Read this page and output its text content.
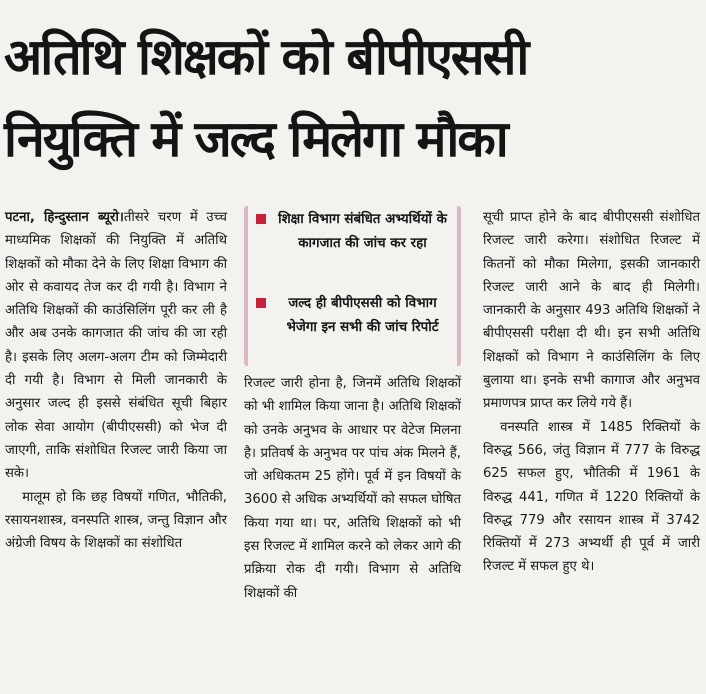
अतिथि शिक्षकों को बीपीएससी
नियुक्ति में जल्द मिलेगा मौका

पटना, हिन्दुस्तान ब्यूरो।तीसरे चरण में उच्च माध्यमिक शिक्षकों की नियुक्ति में अतिथि शिक्षकों को मौका देने के लिए शिक्षा विभाग की ओर से कवायद तेज कर दी गयी है। विभाग ने अतिथि शिक्षकों की काउंसिलिंग पूरी कर ली है और अब उनके कागजात की जांच की जा रही है। इसके लिए अलग-अलग टीम को जिम्मेदारी दी गयी है। विभाग से मिली जानकारी के अनुसार जल्द ही इससे संबंधित सूची बिहार लोक सेवा आयोग (बीपीएससी) को भेज दी जाएगी, ताकि संशोधित रिजल्ट जारी किया जा सके।

मालूम हो कि छह विषयों गणित, भौतिकी, रसायनशास्त्र, वनस्पति शास्त्र, जन्तु विज्ञान और अंग्रेजी विषय के शिक्षकों का संशोधित

शिक्षा विभाग संबंधित अभ्यर्थियों के कागजात की जांच कर रहा
जल्द ही बीपीएससी को विभाग भेजेगा इन सभी की जांच रिपोर्ट

रिजल्ट जारी होना है, जिनमें अतिथि शिक्षकों को भी शामिल किया जाना है। अतिथि शिक्षकों को उनके अनुभव के आधार पर वेटेज मिलना है। प्रतिवर्ष के अनुभव पर पांच अंक मिलने हैं, जो अधिकतम 25 होंगे। पूर्व में इन विषयों के 3600 से अधिक अभ्यर्थियों को सफल घोषित किया गया था। पर, अतिथि शिक्षकों को भी इस रिजल्ट में शामिल करने को लेकर आगे की प्रक्रिया रोक दी गयी। विभाग से अतिथि शिक्षकों की

सूची प्राप्त होने के बाद बीपीएससी संशोधित रिजल्ट जारी करेगा। संशोधित रिजल्ट में कितनों को मौका मिलेगा, इसकी जानकारी रिजल्ट जारी आने के बाद ही मिलेगी। जानकारी के अनुसार 493 अतिथि शिक्षकों ने बीपीएससी परीक्षा दी थी। इन सभी अतिथि शिक्षकों को विभाग ने काउंसिलिंग के लिए बुलाया था। इनके सभी कागाज और अनुभव प्रमाणपत्र प्राप्त कर लिये गये हैं।

वनस्पति शास्त्र में 1485 रिक्तियों के विरुद्ध 566, जंतु विज्ञान में 777 के विरुद्ध 625 सफल हुए, भौतिकी में 1961 के विरुद्ध 441, गणित में 1220 रिक्तियों के विरुद्ध 779 और रसायन शास्त्र में 3742 रिक्तियों में 273 अभ्यर्थी ही पूर्व में जारी रिजल्ट में सफल हुए थे।
